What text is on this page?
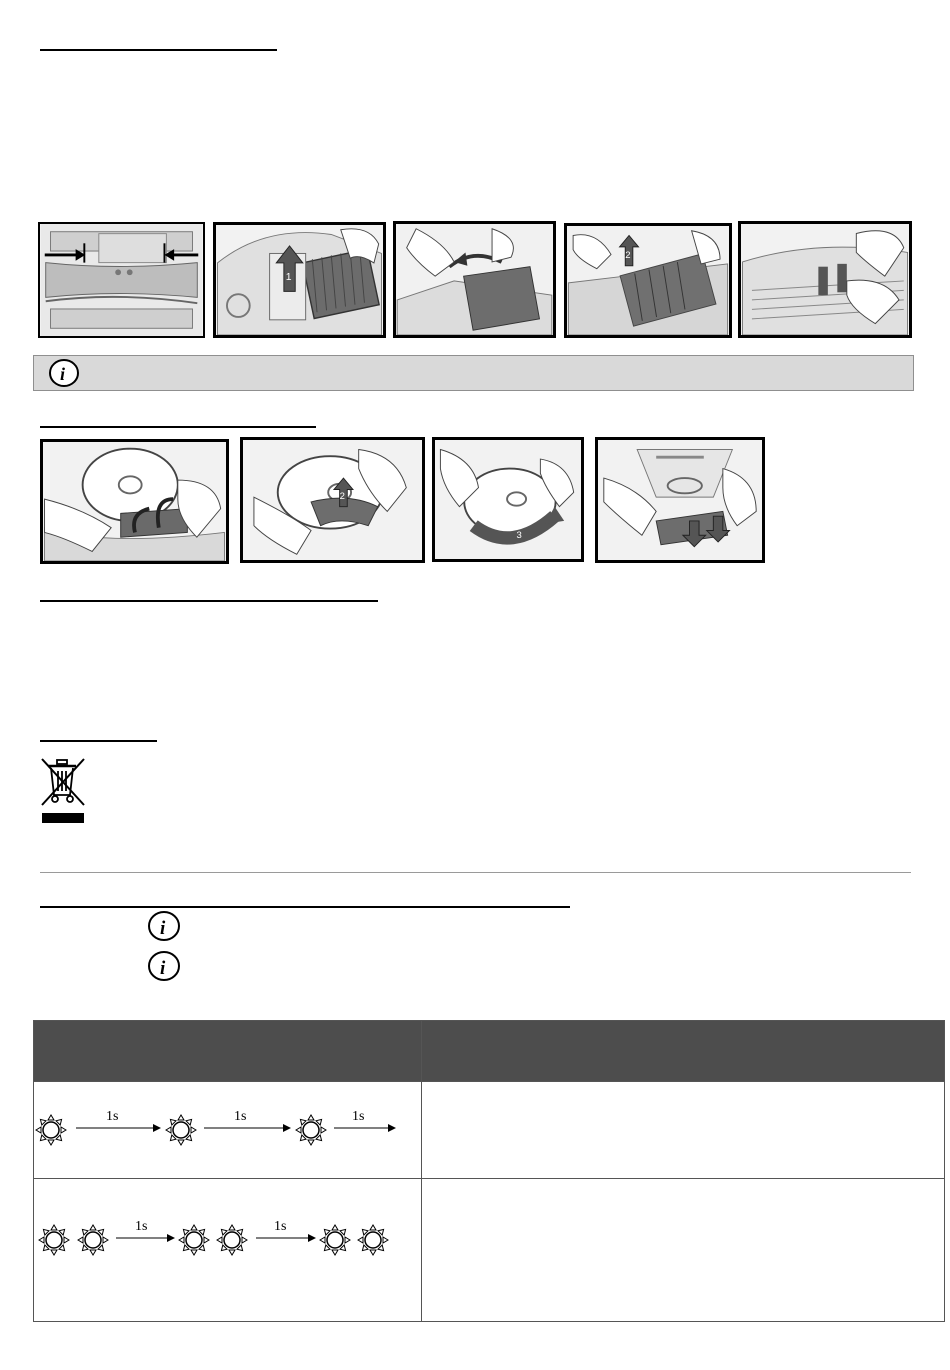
1
2
i
2
3
i
i
1s	1s	1s
1s	1s
